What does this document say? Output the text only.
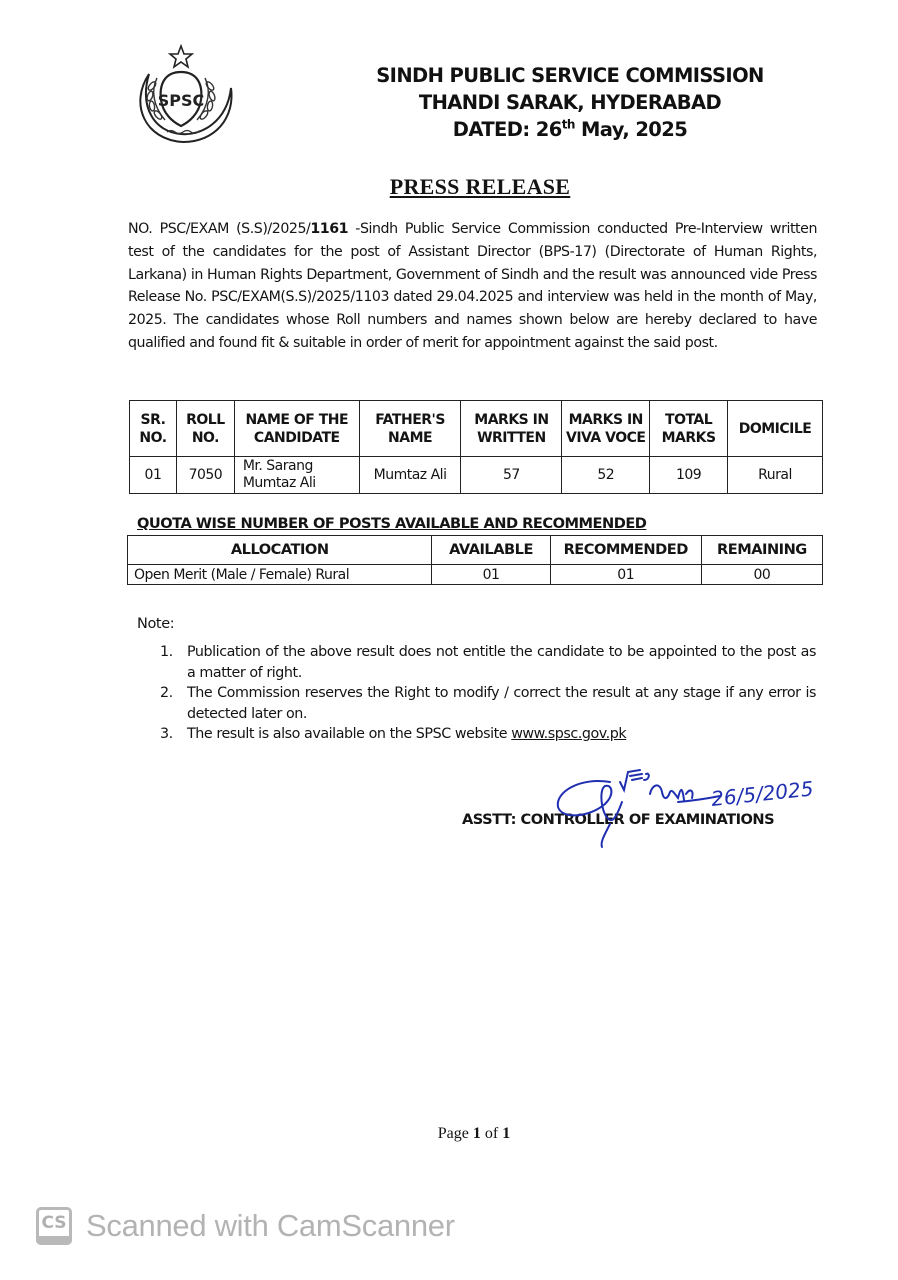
SPSC
SINDH PUBLIC SERVICE COMMISSION
THANDI SARAK, HYDERABAD
DATED: 26th May, 2025
PRESS RELEASE
NO. PSC/EXAM (S.S)/2025/1161 -Sindh Public Service Commission conducted Pre-Interview written test of the candidates for the post of Assistant Director (BPS-17) (Directorate of Human Rights, Larkana) in Human Rights Department, Government of Sindh and the result was announced vide Press Release No. PSC/EXAM(S.S)/2025/1103 dated 29.04.2025 and interview was held in the month of May, 2025. The candidates whose Roll numbers and names shown below are hereby declared to have qualified and found fit & suitable in order of merit for appointment against the said post.
SR. NO.	ROLL NO.	NAME OF THE CANDIDATE	FATHER'S NAME	MARKS IN WRITTEN	MARKS IN VIVA VOCE	TOTAL MARKS	DOMICILE
01	7050	Mr. Sarang Mumtaz Ali	Mumtaz Ali	57	52	109	Rural
QUOTA WISE NUMBER OF POSTS AVAILABLE AND RECOMMENDED
ALLOCATION	AVAILABLE	RECOMMENDED	REMAINING
Open Merit (Male / Female) Rural	01	01	00
Note:
1. Publication of the above result does not entitle the candidate to be appointed to the post as a matter of right.
2. The Commission reserves the Right to modify / correct the result at any stage if any error is detected later on.
3. The result is also available on the SPSC website www.spsc.gov.pk
ASSTT: CONTROLLER OF EXAMINATIONS
26/5/2025
Page 1 of 1
CS Scanned with CamScanner
